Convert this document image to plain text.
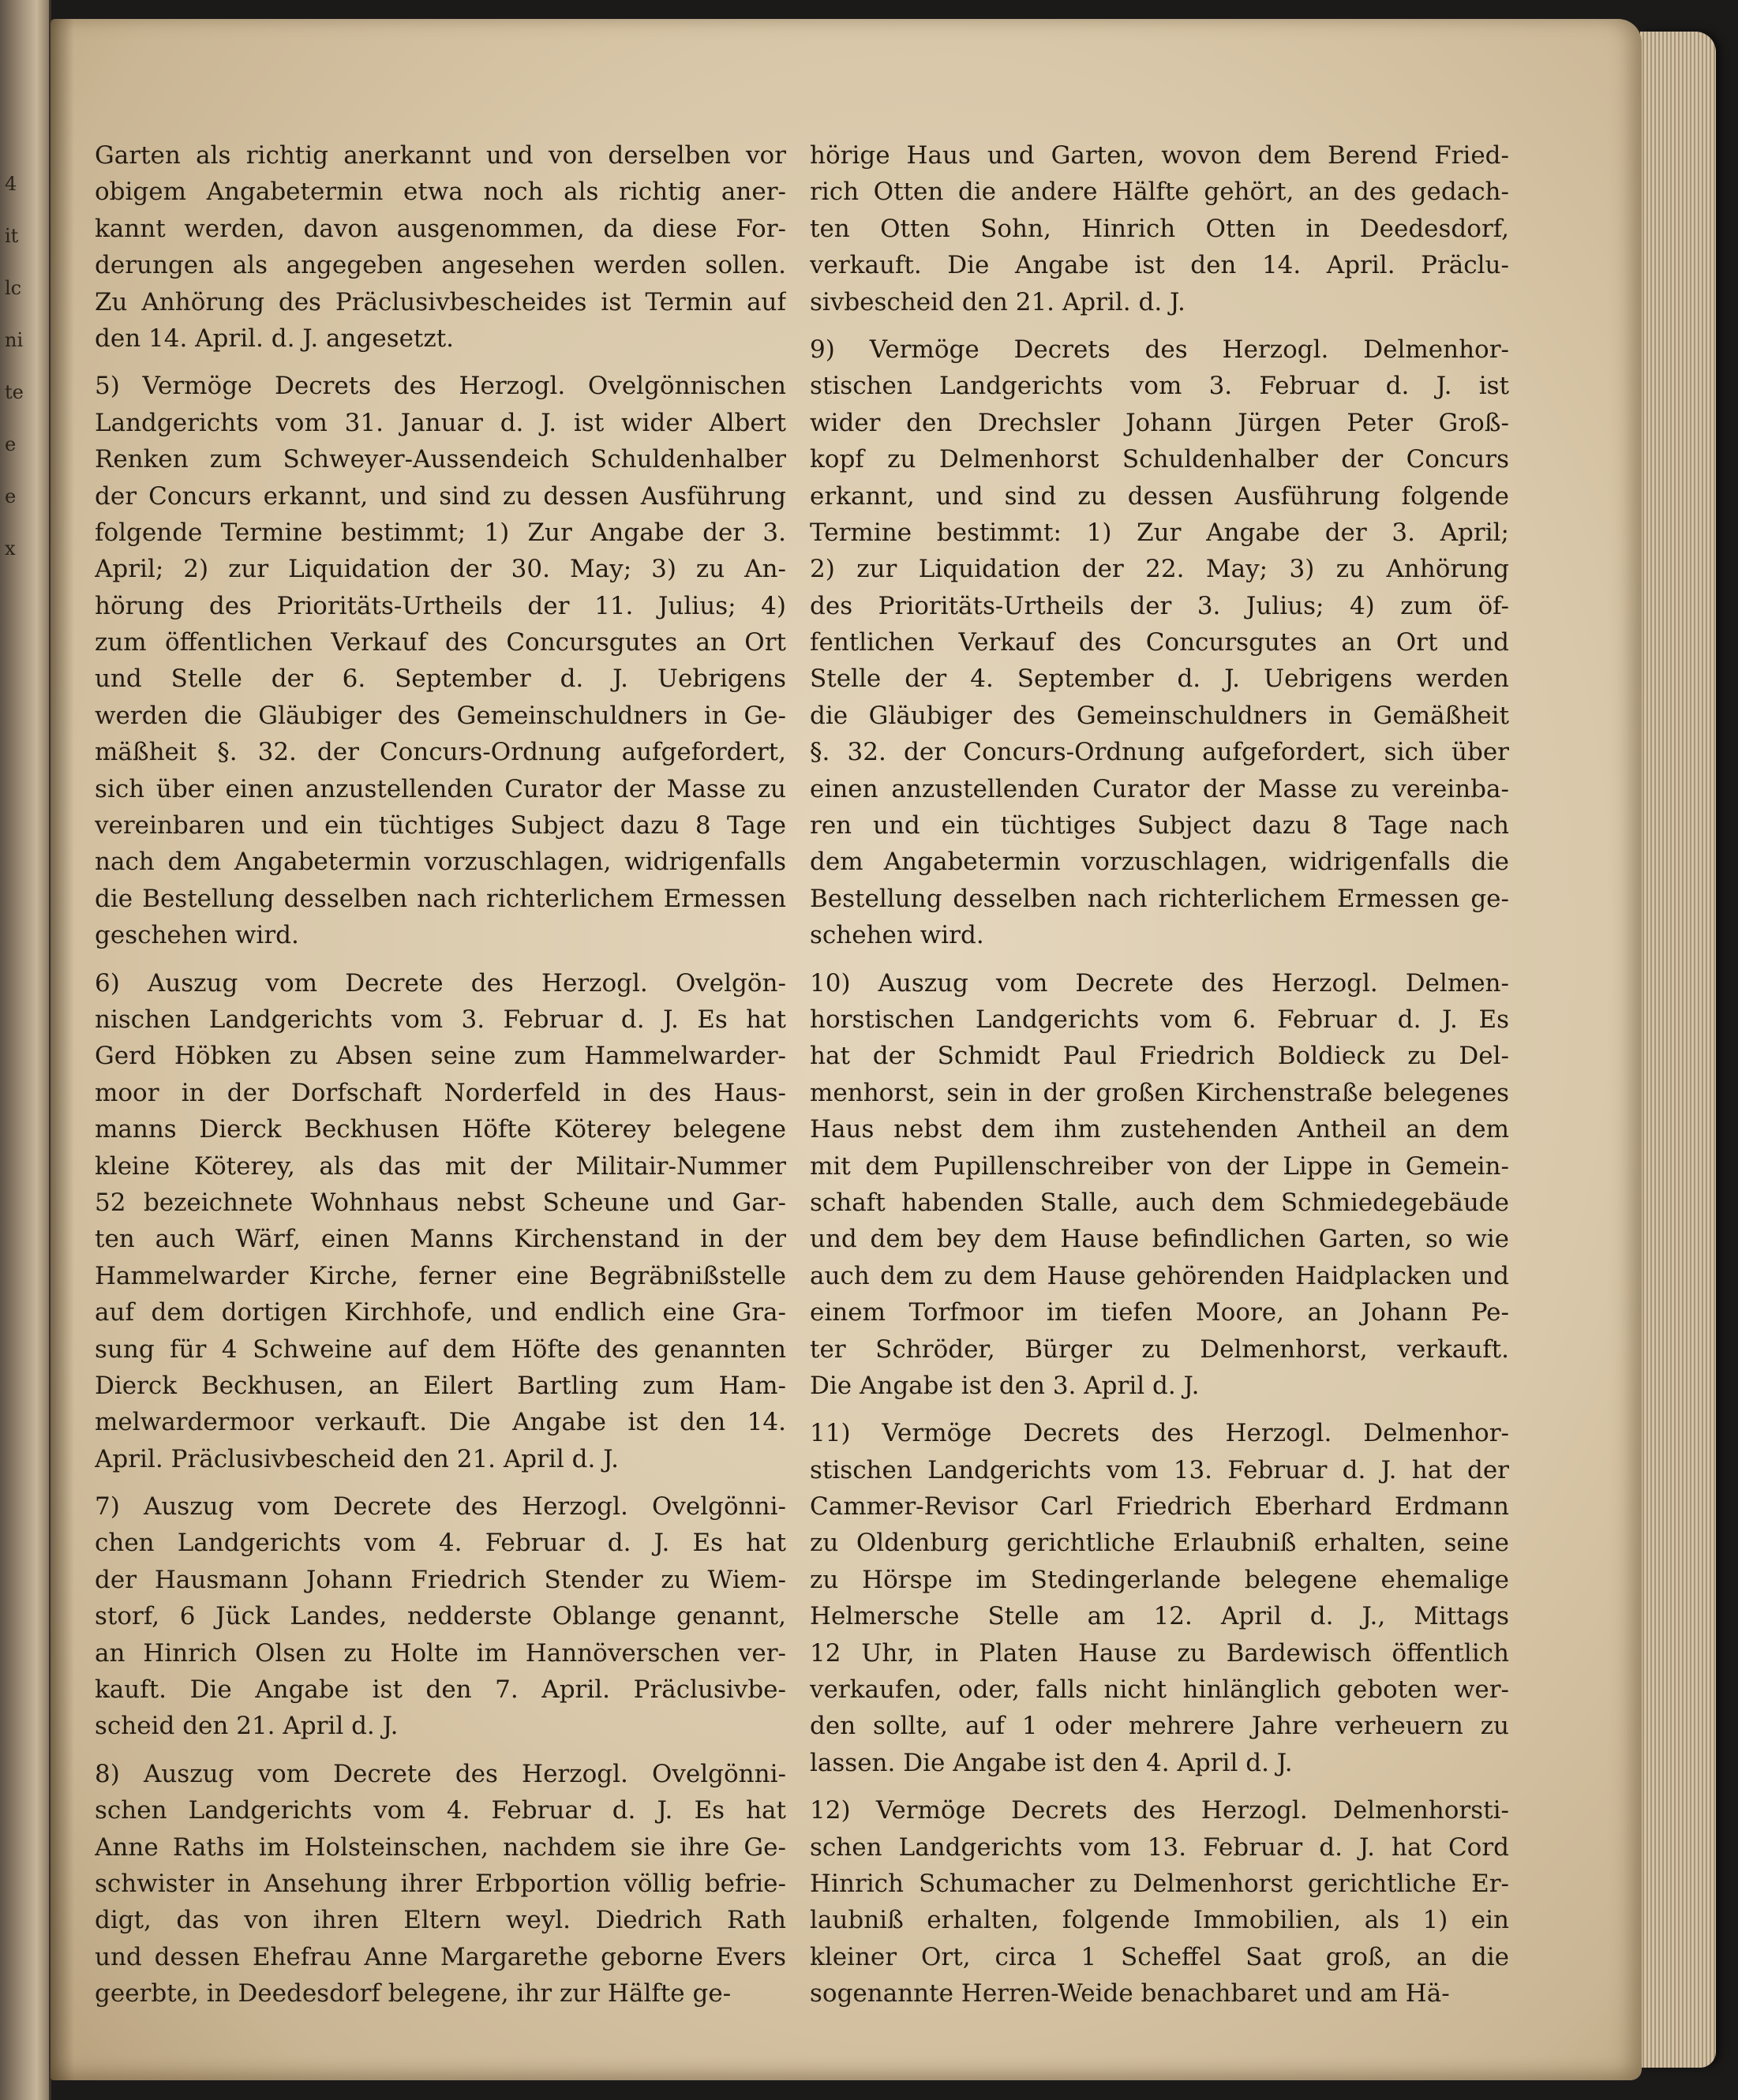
4
it
lc
ni
te
e
e
x

Garten als richtig anerkannt und von derselben vor
obigem Angabetermin etwa noch als richtig aner-
kannt werden, davon ausgenommen, da diese For-
derungen als angegeben angesehen werden sollen.
Zu Anhörung des Präclusivbescheides ist Termin auf
den 14. April. d. J. angesetzt.

5) Vermöge Decrets des Herzogl. Ovelgönnischen
Landgerichts vom 31. Januar d. J. ist wider Albert
Renken zum Schweyer-Aussendeich Schuldenhalber
der Concurs erkannt, und sind zu dessen Ausführung
folgende Termine bestimmt; 1) Zur Angabe der 3.
April; 2) zur Liquidation der 30. May; 3) zu An-
hörung des Prioritäts-Urtheils der 11. Julius; 4)
zum öffentlichen Verkauf des Concursgutes an Ort
und Stelle der 6. September d. J. Uebrigens
werden die Gläubiger des Gemeinschuldners in Ge-
mäßheit §. 32. der Concurs-Ordnung aufgefordert,
sich über einen anzustellenden Curator der Masse zu
vereinbaren und ein tüchtiges Subject dazu 8 Tage
nach dem Angabetermin vorzuschlagen, widrigenfalls
die Bestellung desselben nach richterlichem Ermessen
geschehen wird.

6) Auszug vom Decrete des Herzogl. Ovelgön-
nischen Landgerichts vom 3. Februar d. J. Es hat
Gerd Höbken zu Absen seine zum Hammelwarder-
moor in der Dorfschaft Norderfeld in des Haus-
manns Dierck Beckhusen Höfte Köterey belegene
kleine Köterey, als das mit der Militair-Nummer
52 bezeichnete Wohnhaus nebst Scheune und Gar-
ten auch Wärf, einen Manns Kirchenstand in der
Hammelwarder Kirche, ferner eine Begräbnißstelle
auf dem dortigen Kirchhofe, und endlich eine Gra-
sung für 4 Schweine auf dem Höfte des genannten
Dierck Beckhusen, an Eilert Bartling zum Ham-
melwardermoor verkauft. Die Angabe ist den 14.
April. Präclusivbescheid den 21. April d. J.

7) Auszug vom Decrete des Herzogl. Ovelgönni-
chen Landgerichts vom 4. Februar d. J. Es hat
der Hausmann Johann Friedrich Stender zu Wiem-
storf, 6 Jück Landes, nedderste Oblange genannt,
an Hinrich Olsen zu Holte im Hannöverschen ver-
kauft. Die Angabe ist den 7. April. Präclusivbe-
scheid den 21. April d. J.

8) Auszug vom Decrete des Herzogl. Ovelgönni-
schen Landgerichts vom 4. Februar d. J. Es hat
Anne Raths im Holsteinschen, nachdem sie ihre Ge-
schwister in Ansehung ihrer Erbportion völlig befrie-
digt, das von ihren Eltern weyl. Diedrich Rath
und dessen Ehefrau Anne Margarethe geborne Evers
geerbte, in Deedesdorf belegene, ihr zur Hälfte ge-

hörige Haus und Garten, wovon dem Berend Fried-
rich Otten die andere Hälfte gehört, an des gedach-
ten Otten Sohn, Hinrich Otten in Deedesdorf,
verkauft. Die Angabe ist den 14. April. Präclu-
sivbescheid den 21. April. d. J.

9) Vermöge Decrets des Herzogl. Delmenhor-
stischen Landgerichts vom 3. Februar d. J. ist
wider den Drechsler Johann Jürgen Peter Groß-
kopf zu Delmenhorst Schuldenhalber der Concurs
erkannt, und sind zu dessen Ausführung folgende
Termine bestimmt: 1) Zur Angabe der 3. April;
2) zur Liquidation der 22. May; 3) zu Anhörung
des Prioritäts-Urtheils der 3. Julius; 4) zum öf-
fentlichen Verkauf des Concursgutes an Ort und
Stelle der 4. September d. J. Uebrigens werden
die Gläubiger des Gemeinschuldners in Gemäßheit
§. 32. der Concurs-Ordnung aufgefordert, sich über
einen anzustellenden Curator der Masse zu vereinba-
ren und ein tüchtiges Subject dazu 8 Tage nach
dem Angabetermin vorzuschlagen, widrigenfalls die
Bestellung desselben nach richterlichem Ermessen ge-
schehen wird.

10) Auszug vom Decrete des Herzogl. Delmen-
horstischen Landgerichts vom 6. Februar d. J. Es
hat der Schmidt Paul Friedrich Boldieck zu Del-
menhorst, sein in der großen Kirchenstraße belegenes
Haus nebst dem ihm zustehenden Antheil an dem
mit dem Pupillenschreiber von der Lippe in Gemein-
schaft habenden Stalle, auch dem Schmiedegebäude
und dem bey dem Hause befindlichen Garten, so wie
auch dem zu dem Hause gehörenden Haidplacken und
einem Torfmoor im tiefen Moore, an Johann Pe-
ter Schröder, Bürger zu Delmenhorst, verkauft.
Die Angabe ist den 3. April d. J.

11) Vermöge Decrets des Herzogl. Delmenhor-
stischen Landgerichts vom 13. Februar d. J. hat der
Cammer-Revisor Carl Friedrich Eberhard Erdmann
zu Oldenburg gerichtliche Erlaubniß erhalten, seine
zu Hörspe im Stedingerlande belegene ehemalige
Helmersche Stelle am 12. April d. J., Mittags
12 Uhr, in Platen Hause zu Bardewisch öffentlich
verkaufen, oder, falls nicht hinlänglich geboten wer-
den sollte, auf 1 oder mehrere Jahre verheuern zu
lassen. Die Angabe ist den 4. April d. J.

12) Vermöge Decrets des Herzogl. Delmenhorsti-
schen Landgerichts vom 13. Februar d. J. hat Cord
Hinrich Schumacher zu Delmenhorst gerichtliche Er-
laubniß erhalten, folgende Immobilien, als 1) ein
kleiner Ort, circa 1 Scheffel Saat groß, an die
sogenannte Herren-Weide benachbaret und am Hä-
